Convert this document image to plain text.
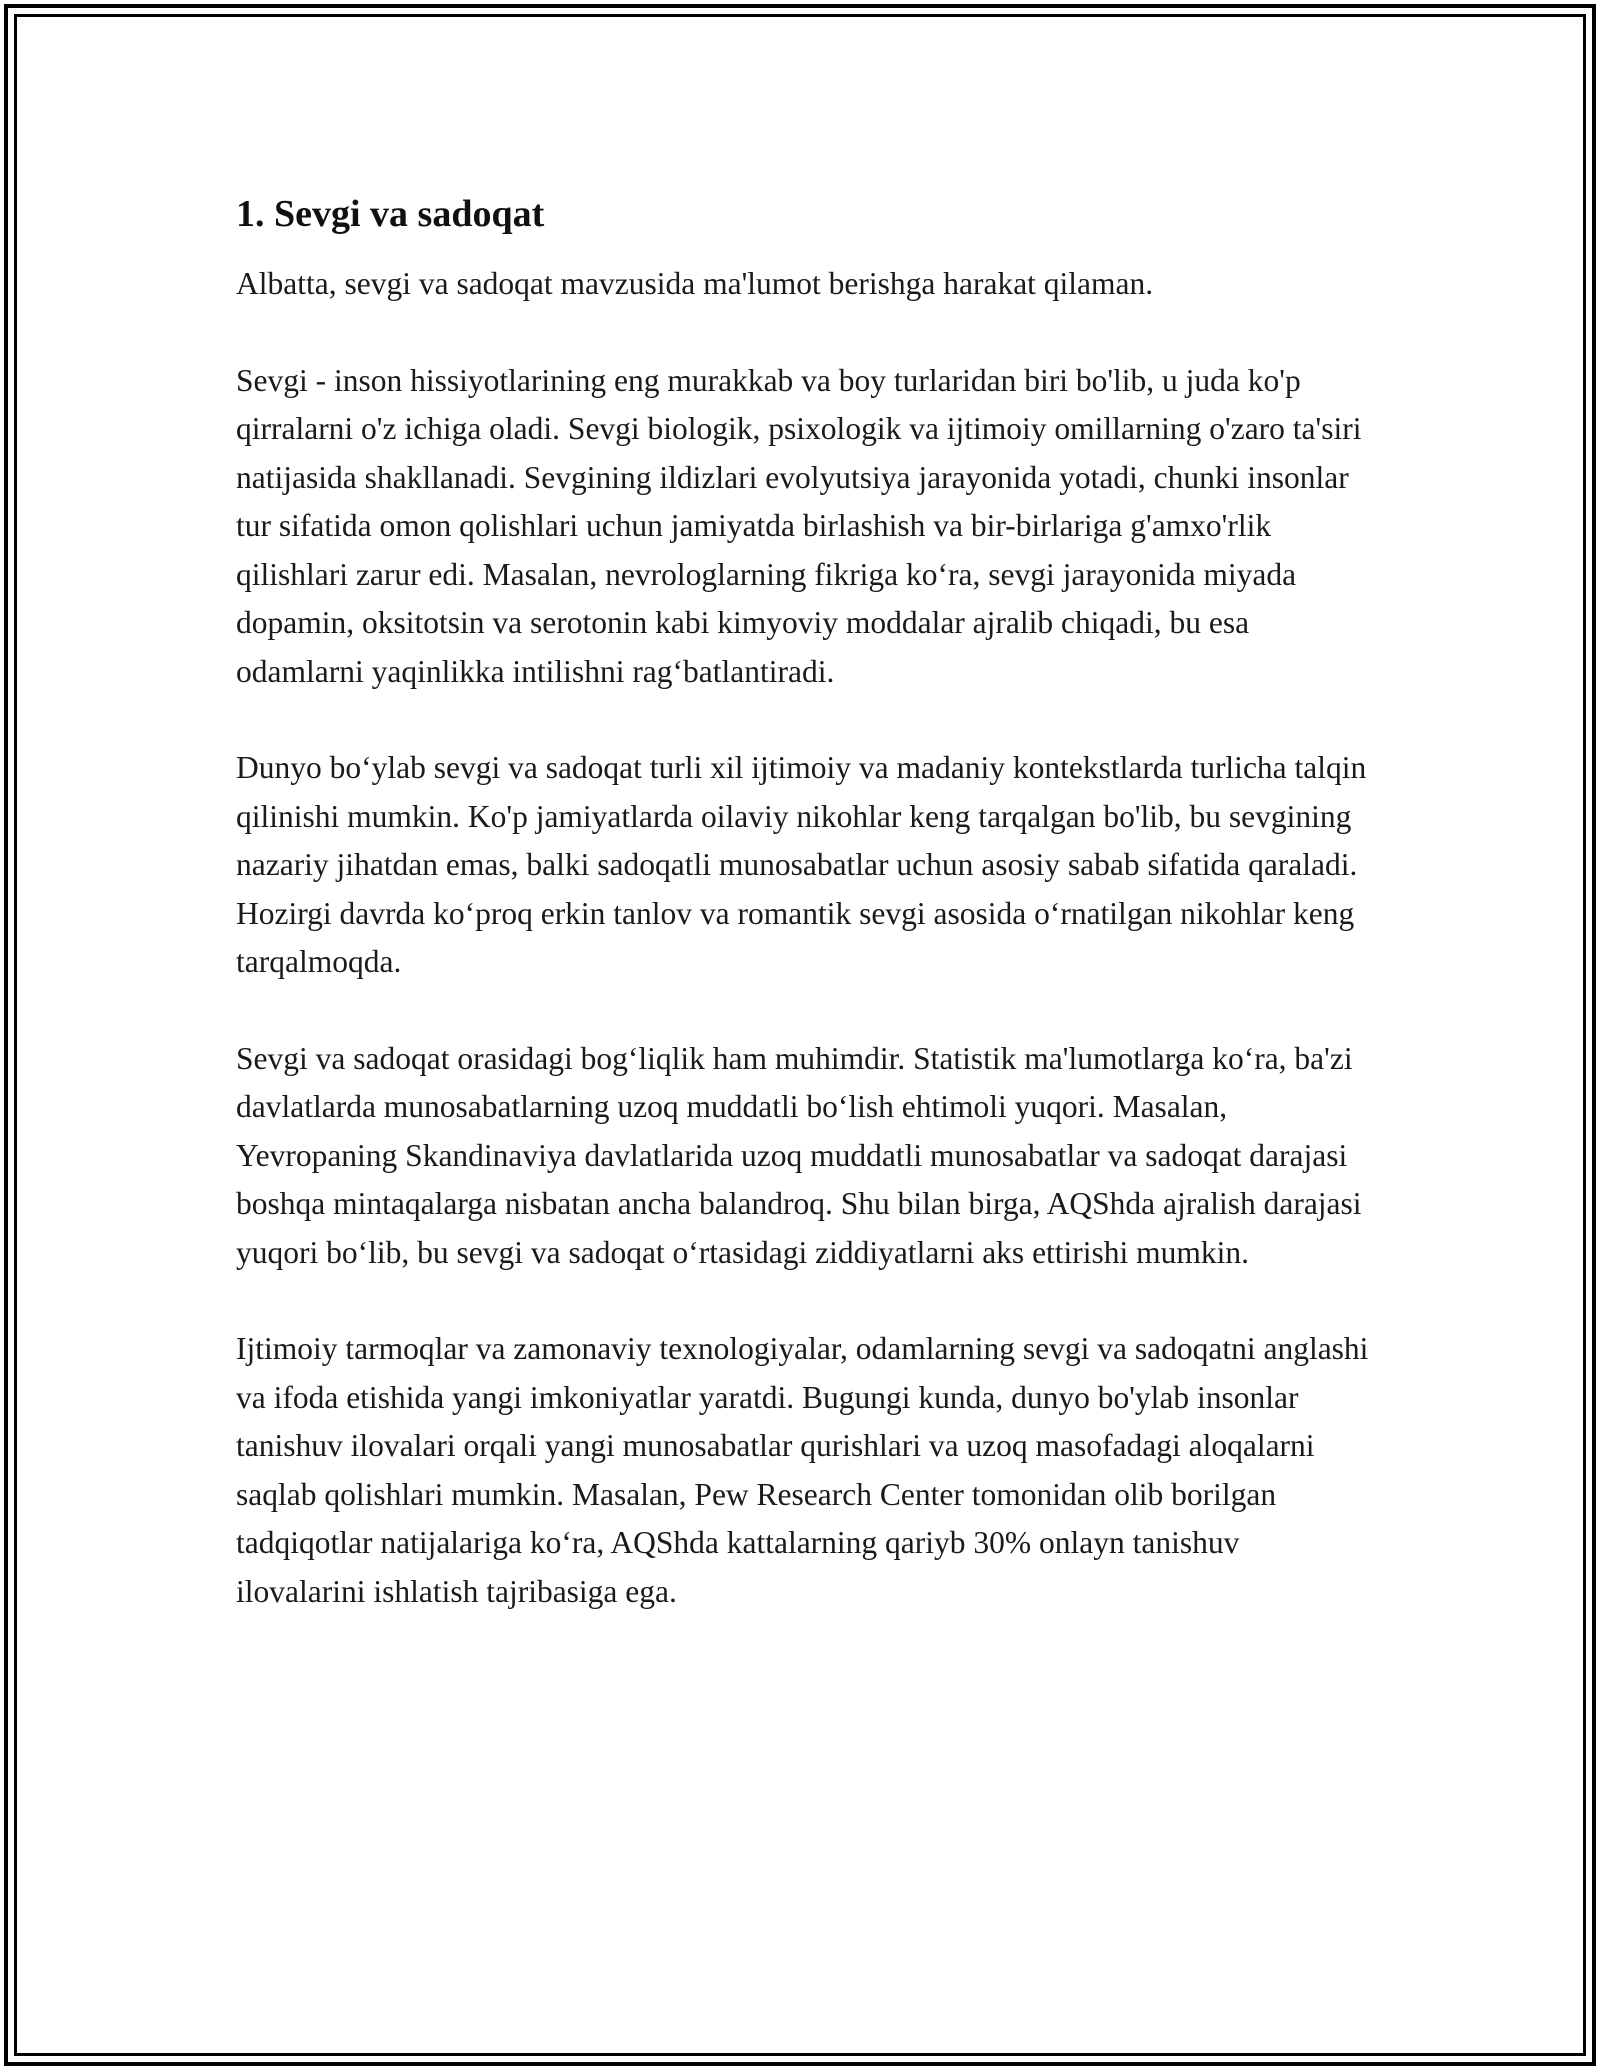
1. Sevgi va sadoqat

Albatta, sevgi va sadoqat mavzusida ma'lumot berishga harakat qilaman.

Sevgi - inson hissiyotlarining eng murakkab va boy turlaridan biri bo'lib, u juda ko'p qirralarni o'z ichiga oladi. Sevgi biologik, psixologik va ijtimoiy omillarning o'zaro ta'siri natijasida shakllanadi. Sevgining ildizlari evolyutsiya jarayonida yotadi, chunki insonlar tur sifatida omon qolishlari uchun jamiyatda birlashish va bir-birlariga g'amxo'rlik qilishlari zarur edi. Masalan, nevrologlarning fikriga ko‘ra, sevgi jarayonida miyada dopamin, oksitotsin va serotonin kabi kimyoviy moddalar ajralib chiqadi, bu esa odamlarni yaqinlikka intilishni rag‘batlantiradi.

Dunyo bo‘ylab sevgi va sadoqat turli xil ijtimoiy va madaniy kontekstlarda turlicha talqin qilinishi mumkin. Ko'p jamiyatlarda oilaviy nikohlar keng tarqalgan bo'lib, bu sevgining nazariy jihatdan emas, balki sadoqatli munosabatlar uchun asosiy sabab sifatida qaraladi. Hozirgi davrda ko‘proq erkin tanlov va romantik sevgi asosida o‘rnatilgan nikohlar keng tarqalmoqda.

Sevgi va sadoqat orasidagi bog‘liqlik ham muhimdir. Statistik ma'lumotlarga ko‘ra, ba'zi davlatlarda munosabatlarning uzoq muddatli bo‘lish ehtimoli yuqori. Masalan, Yevropaning Skandinaviya davlatlarida uzoq muddatli munosabatlar va sadoqat darajasi boshqa mintaqalarga nisbatan ancha balandroq. Shu bilan birga, AQShda ajralish darajasi yuqori bo‘lib, bu sevgi va sadoqat o‘rtasidagi ziddiyatlarni aks ettirishi mumkin.

Ijtimoiy tarmoqlar va zamonaviy texnologiyalar, odamlarning sevgi va sadoqatni anglashi va ifoda etishida yangi imkoniyatlar yaratdi. Bugungi kunda, dunyo bo'ylab insonlar tanishuv ilovalari orqali yangi munosabatlar qurishlari va uzoq masofadagi aloqalarni saqlab qolishlari mumkin. Masalan, Pew Research Center tomonidan olib borilgan tadqiqotlar natijalariga ko‘ra, AQShda kattalarning qariyb 30% onlayn tanishuv ilovalarini ishlatish tajribasiga ega.
